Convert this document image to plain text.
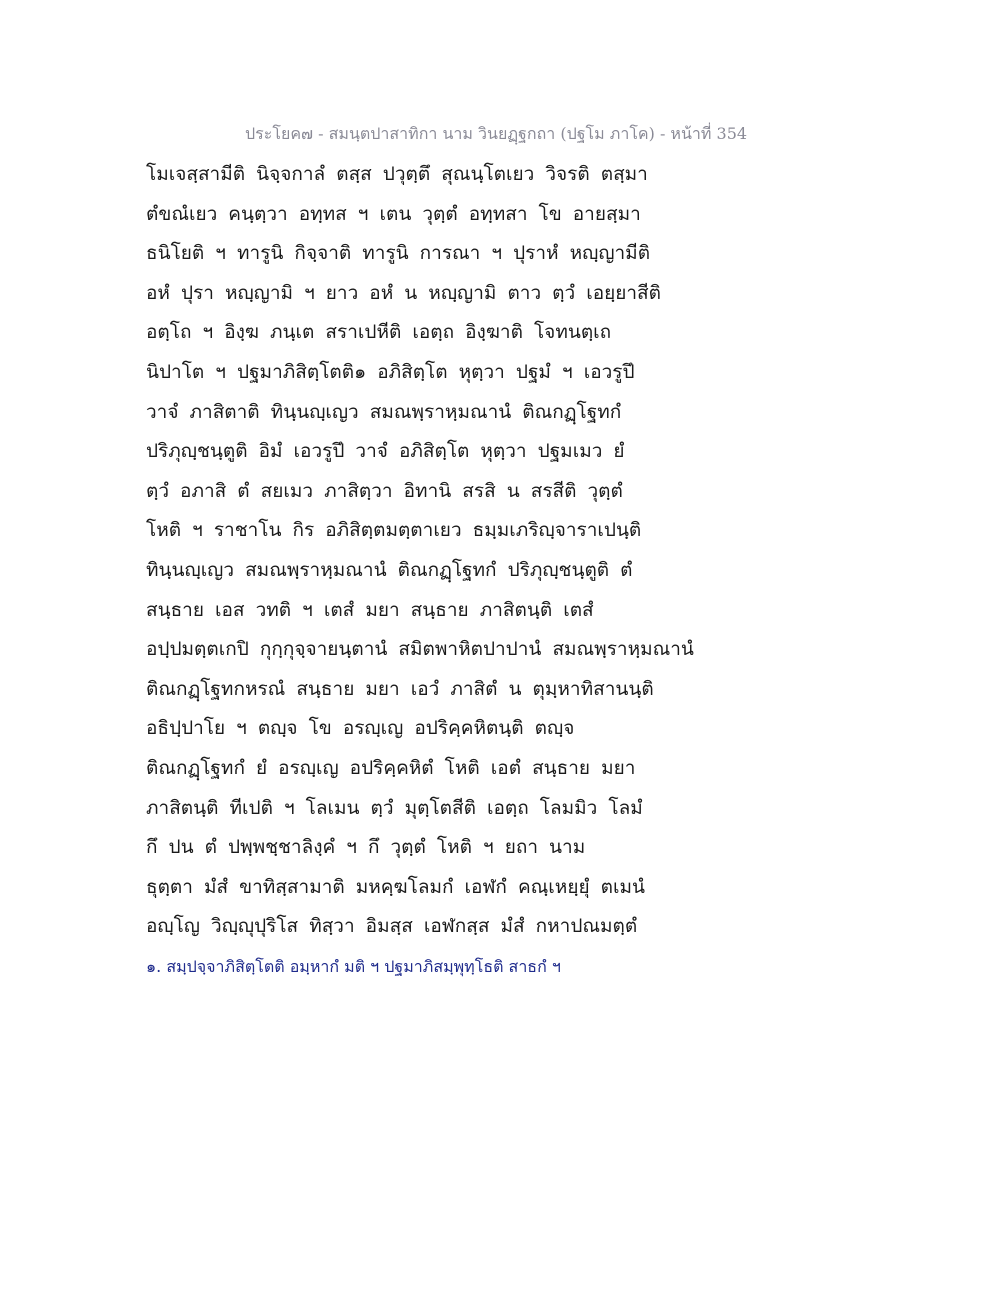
ประโยค๗ - สมนฺตปาสาทิกา นาม วินยฏฺฐกถา (ปฐโม ภาโค) - หน้าที่ 354
โมเจสฺสามีติ นิจฺจกาลํ ตสฺส ปวุตฺตึ สุณนฺโตเยว วิจรติ ตสฺมา
ตํขณํเยว คนฺตฺวา อทฺทส ฯ เตน วุตฺตํ อทฺทสา โข อายสฺมา
ธนิโยติ ฯ ทารูนิ กิจฺจาติ ทารูนิ การณา ฯ ปุราหํ หญฺญามีติ
อหํ ปุรา หญฺญามิ ฯ ยาว อหํ น หญฺญามิ ตาว ตฺวํ เอยฺยาสีติ
อตฺโถ ฯ อิงฺฆ ภนฺเต สราเปหีติ เอตฺถ อิงฺฆาติ โจทนตฺเถ
นิปาโต ฯ ปฐมาภิสิตฺโตติ๑ อภิสิตฺโต หุตฺวา ปฐมํ ฯ เอวรูปึ
วาจํ ภาสิตาติ ทินฺนญฺเญว สมณพฺราหฺมณานํ ติณกฏฺโฐทกํ
ปริภุญฺชนฺตูติ อิมํ เอวรูปึ วาจํ อภิสิตฺโต หุตฺวา ปฐมเมว ยํ
ตฺวํ อภาสิ ตํ สยเมว ภาสิตฺวา อิทานิ สรสิ น สรสีติ วุตฺตํ
โหติ ฯ ราชาโน กิร อภิสิตฺตมตฺตาเยว ธมฺมเภริญฺจาราเปนฺติ
ทินฺนญฺเญว สมณพฺราหฺมณานํ ติณกฏฺโฐทกํ ปริภุญฺชนฺตูติ ตํ
สนฺธาย เอส วทติ ฯ เตสํ มยา สนฺธาย ภาสิตนฺติ เตสํ
อปฺปมตฺตเกปิ กุกฺกุจฺจายนฺตานํ สมิตพาหิตปาปานํ สมณพฺราหฺมณานํ
ติณกฏฺโฐทกหรณํ สนฺธาย มยา เอวํ ภาสิตํ น ตุมฺหาทิสานนฺติ
อธิปฺปาโย ฯ ตญฺจ โข อรญฺเญ อปริคฺคหิตนฺติ ตญฺจ
ติณกฏฺโฐทกํ ยํ อรญฺเญ อปริคฺคหิตํ โหติ เอตํ สนฺธาย มยา
ภาสิตนฺติ ทีเปติ ฯ โลเมน ตฺวํ มุตฺโตสีติ เอตฺถ โลมมิว โลมํ
กึ ปน ตํ ปพฺพชฺชาลิงฺคํ ฯ กึ วุตฺตํ โหติ ฯ ยถา นาม
ธุตฺตา มํสํ ขาทิสฺสามาติ มหคฺฆโลมกํ เอฬกํ คณฺเหยฺยุํ ตเมนํ
อญฺโญ วิญฺญุปุริโส ทิสฺวา อิมสฺส เอฬกสฺส มํสํ กหาปณมตฺตํ
๑. สมฺปจฺจาภิสิตฺโตติ อมฺหากํ มติ ฯ ปฐมาภิสมฺพุทฺโธติ สาธกํ ฯ
